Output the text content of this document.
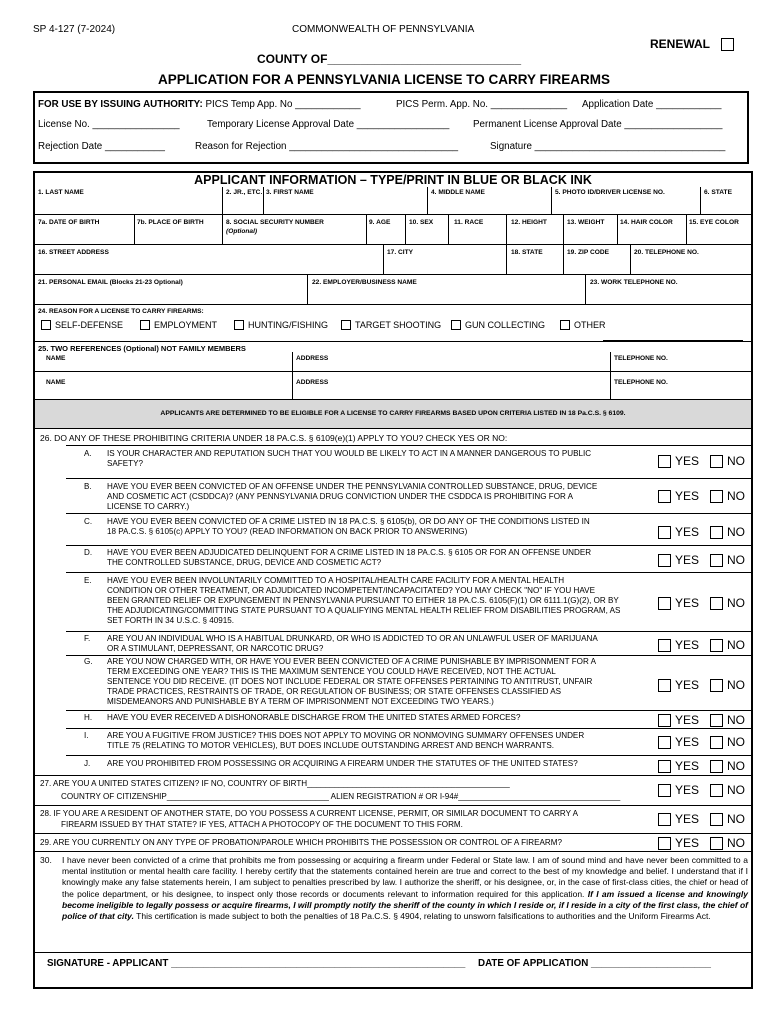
SP 4-127 (7-2024)	COMMONWEALTH OF PENNSYLVANIA
RENEWAL
COUNTY OF_____________________________
APPLICATION FOR A PENNSYLVANIA LICENSE TO CARRY FIREARMS
FOR USE BY ISSUING AUTHORITY: PICS Temp App. No ____________	PICS Perm. App. No. ______________ Application Date ____________
License No. ________________	Temporary License Approval Date _________________ Permanent License Approval Date __________________
Rejection Date ___________	Reason for Rejection _______________________________	Signature ___________________________________
APPLICANT INFORMATION – TYPE/PRINT IN BLUE OR BLACK INK
1. LAST NAME	2. JR., ETC. 3. FIRST NAME	4. MIDDLE NAME	5. PHOTO ID/DRIVER LICENSE NO.	6. STATE
7a. DATE OF BIRTH	7b. PLACE OF BIRTH	8. SOCIAL SECURITY NUMBER
(Optional)
9. AGE	10. SEX	11. RACE	12. HEIGHT	13. WEIGHT 14. HAIR COLOR 15. EYE COLOR
16. STREET ADDRESS	17. CITY	18. STATE	19. ZIP CODE	20. TELEPHONE NO.
21. PERSONAL EMAIL (Blocks 21-23 Optional)	22. EMPLOYER/BUSINESS NAME	23. WORK TELEPHONE NO.
24. REASON FOR A LICENSE TO CARRY FIREARMS:
SELF-DEFENSE	EMPLOYMENT	HUNTING/FISHING	TARGET SHOOTING	GUN COLLECTING	OTHER
25. TWO REFERENCES (Optional) NOT FAMILY MEMBERS
NAME	ADDRESS	TELEPHONE NO.
NAME	ADDRESS	TELEPHONE NO.
APPLICANTS ARE DETERMINED TO BE ELIGIBLE FOR A LICENSE TO CARRY FIREARMS BASED UPON CRITERIA LISTED IN 18 Pa.C.S. § 6109.
26. DO ANY OF THESE PROHIBITING CRITERIA UNDER 18 PA.C.S. § 6109(e)(1) APPLY TO YOU? CHECK YES OR NO:
A. IS YOUR CHARACTER AND REPUTATION SUCH THAT YOU WOULD BE LIKELY TO ACT IN A MANNER DANGEROUS TO PUBLIC
SAFETY?	YES NO
B. HAVE YOU EVER BEEN CONVICTED OF AN OFFENSE UNDER THE PENNSYLVANIA CONTROLLED SUBSTANCE, DRUG, DEVICE
AND COSMETIC ACT (CSDDCA)? (ANY PENNSYLVANIA DRUG CONVICTION UNDER THE CSDDCA IS PROHIBITING FOR A
LICENSE TO CARRY.)
YES NO
C. HAVE YOU EVER BEEN CONVICTED OF A CRIME LISTED IN 18 PA.C.S. § 6105(b), OR DO ANY OF THE CONDITIONS LISTED IN
18 PA.C.S. § 6105(c) APPLY TO YOU? (READ INFORMATION ON BACK PRIOR TO ANSWERING)	YES NO
D. HAVE YOU EVER BEEN ADJUDICATED DELINQUENT FOR A CRIME LISTED IN 18 PA.C.S. § 6105 OR FOR AN OFFENSE UNDER
THE CONTROLLED SUBSTANCE, DRUG, DEVICE AND COSMETIC ACT?	YES NO
E. HAVE YOU EVER BEEN INVOLUNTARILY COMMITTED TO A HOSPITAL/HEALTH CARE FACILITY FOR A MENTAL HEALTH
CONDITION OR OTHER TREATMENT, OR ADJUDICATED INCOMPETENT/INCAPACITATED? YOU MAY CHECK "NO" IF YOU HAVE
BEEN GRANTED RELIEF OR EXPUNGEMENT IN PENNSYLVANIA PURSUANT TO EITHER 18 PA.C.S. 6105(F)(1) OR 6111.1(G)(2), OR BY
THE ADJUDICATING/COMMITTING STATE PURSUANT TO A QUALIFYING MENTAL HEALTH RELIEF FROM DISABILITIES PROGRAM, AS
SET FORTH IN 34 U.S.C. § 40915.
YES NO
F. ARE YOU AN INDIVIDUAL WHO IS A HABITUAL DRUNKARD, OR WHO IS ADDICTED TO OR AN UNLAWFUL USER OF MARIJUANA
OR A STIMULANT, DEPRESSANT, OR NARCOTIC DRUG?	YES NO
G. ARE YOU NOW CHARGED WITH, OR HAVE YOU EVER BEEN CONVICTED OF A CRIME PUNISHABLE BY IMPRISONMENT FOR A
TERM EXCEEDING ONE YEAR? THIS IS THE MAXIMUM SENTENCE YOU COULD HAVE RECEIVED, NOT THE ACTUAL
SENTENCE YOU DID RECEIVE. (IT DOES NOT INCLUDE FEDERAL OR STATE OFFENSES PERTAINING TO ANTITRUST, UNFAIR
TRADE PRACTICES, RESTRAINTS OF TRADE, OR REGULATION OF BUSINESS; OR STATE OFFENSES CLASSIFIED AS
MISDEMEANORS AND PUNISHABLE BY A TERM OF IMPRISONMENT NOT EXCEEDING TWO YEARS.)
YES NO
H. HAVE YOU EVER RECEIVED A DISHONORABLE DISCHARGE FROM THE UNITED STATES ARMED FORCES?	YES NO
I. ARE YOU A FUGITIVE FROM JUSTICE? THIS DOES NOT APPLY TO MOVING OR NONMOVING SUMMARY OFFENSES UNDER
TITLE 75 (RELATING TO MOTOR VEHICLES), BUT DOES INCLUDE OUTSTANDING ARREST AND BENCH WARRANTS.	YES NO
J. ARE YOU PROHIBITED FROM POSSESSING OR ACQUIRING A FIREARM UNDER THE STATUTES OF THE UNITED STATES?	YES NO
27. ARE YOU A UNITED STATES CITIZEN? IF NO, COUNTRY OF BIRTH_____________________________________________
COUNTRY OF CITIZENSHIP____________________________________ ALIEN REGISTRATION # OR I-94#____________________________________	YES NO
28. IF YOU ARE A RESIDENT OF ANOTHER STATE, DO YOU POSSESS A CURRENT LICENSE, PERMIT, OR SIMILAR DOCUMENT TO CARRY A
FIREARM ISSUED BY THAT STATE? IF YES, ATTACH A PHOTOCOPY OF THE DOCUMENT TO THIS FORM.	YES NO
29. ARE YOU CURRENTLY ON ANY TYPE OF PROBATION/PAROLE WHICH PROHIBITS THE POSSESSION OR CONTROL OF A FIREARM?	YES NO
30. I have never been convicted of a crime that prohibits me from possessing or acquiring a firearm under Federal or State law. I am of sound mind and have never been committed to a mental institution or mental health care facility. I hereby certify that the statements contained herein are true and correct to the best of my knowledge and belief. I understand that if I knowingly make any false statements herein, I am subject to penalties prescribed by law. I authorize the sheriff, or his designee, or, in the case of first-class cities, the chief or head of the police department, or his designee, to inspect only those records or documents relevant to information required for this application. If I am issued a license and knowingly become ineligible to legally possess or acquire firearms, I will promptly notify the sheriff of the county in which I reside or, if I reside in a city of the first class, the chief of police of that city. This certification is made subject to both the penalties of 18 Pa.C.S. § 4904, relating to unsworn falsifications to authorities and the Uniform Firearms Act.
SIGNATURE - APPLICANT ______________________________________________________ DATE OF APPLICATION ______________________
